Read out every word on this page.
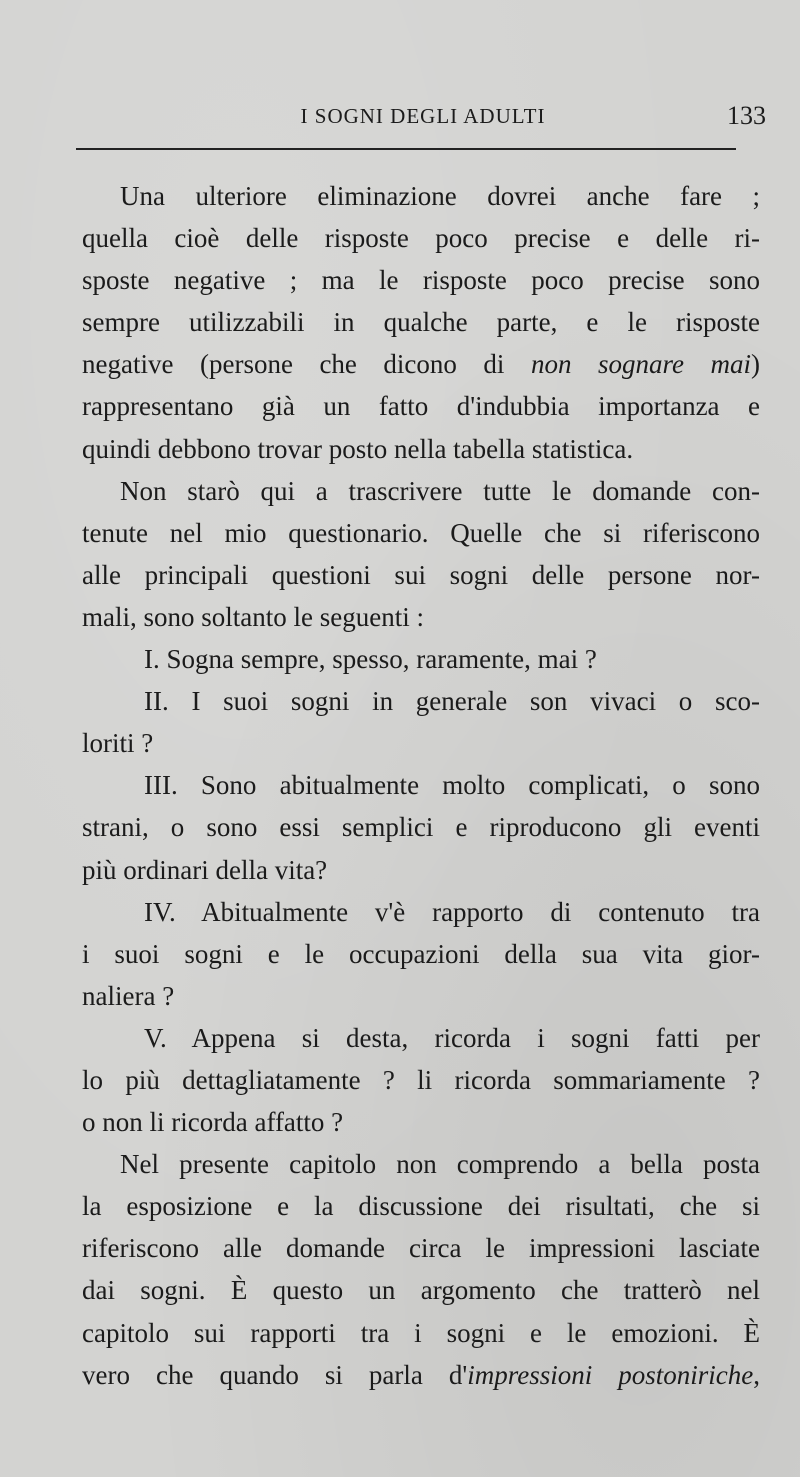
I SOGNI DEGLI ADULTI	133
Una ulteriore eliminazione dovrei anche fare ;
quella cioè delle risposte poco precise e delle ri-
sposte negative ; ma le risposte poco precise sono
sempre utilizzabili in qualche parte, e le risposte
negative (persone che dicono di non sognare mai)
rappresentano già un fatto d'indubbia importanza e
quindi debbono trovar posto nella tabella statistica.
Non starò qui a trascrivere tutte le domande con-
tenute nel mio questionario. Quelle che si riferiscono
alle principali questioni sui sogni delle persone nor-
mali, sono soltanto le seguenti :
I. Sogna sempre, spesso, raramente, mai ?
II. I suoi sogni in generale son vivaci o sco-
loriti ?
III. Sono abitualmente molto complicati, o sono
strani, o sono essi semplici e riproducono gli eventi
più ordinari della vita?
IV. Abitualmente v'è rapporto di contenuto tra
i suoi sogni e le occupazioni della sua vita gior-
naliera ?
V. Appena si desta, ricorda i sogni fatti per
lo più dettagliatamente ? li ricorda sommariamente ?
o non li ricorda affatto ?
Nel presente capitolo non comprendo a bella posta
la esposizione e la discussione dei risultati, che si
riferiscono alle domande circa le impressioni lasciate
dai sogni. È questo un argomento che tratterò nel
capitolo sui rapporti tra i sogni e le emozioni. È
vero che quando si parla d'impressioni postoniriche,
